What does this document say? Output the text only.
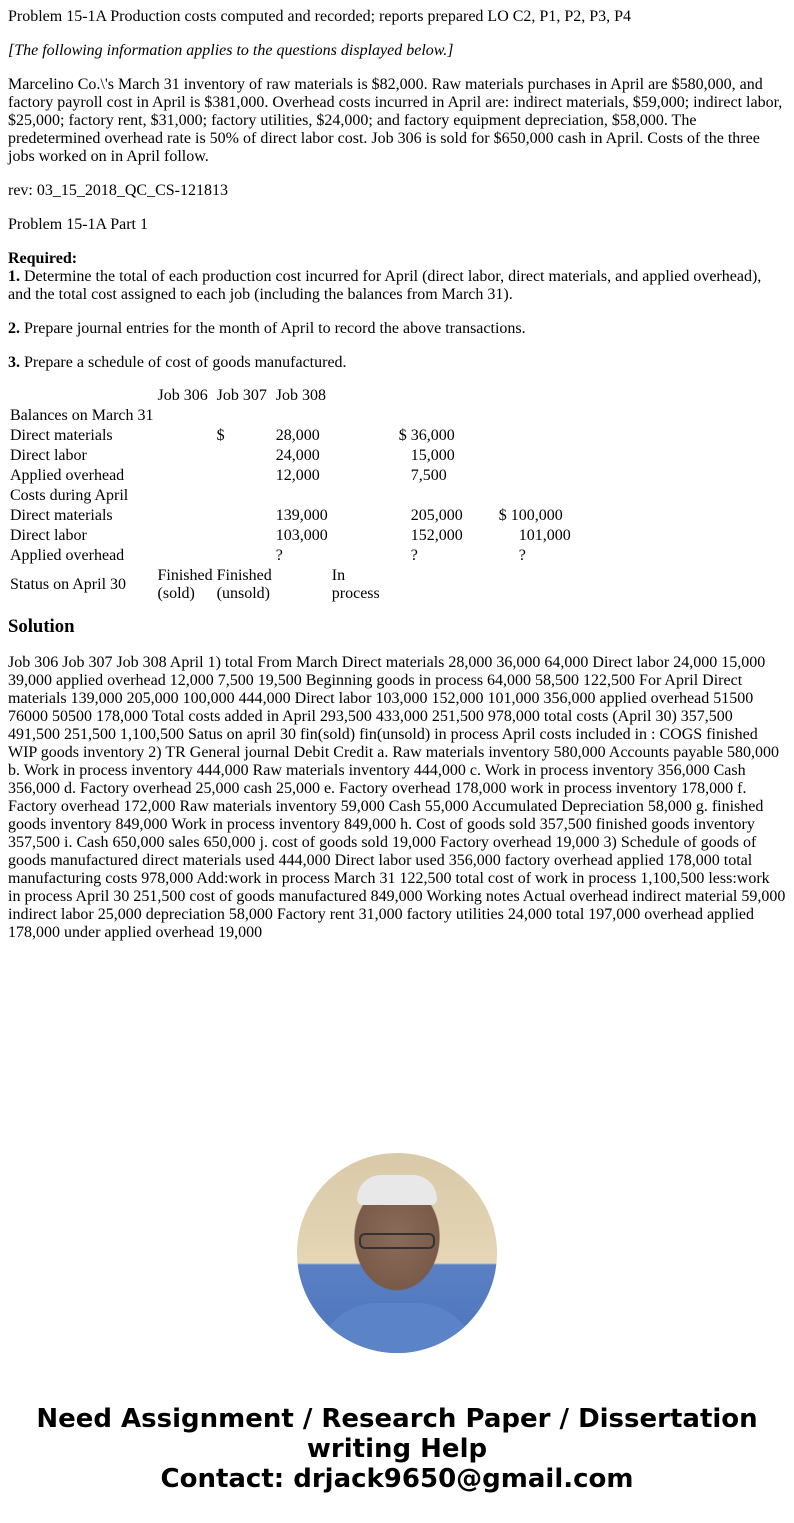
Problem 15-1A Production costs computed and recorded; reports prepared LO C2, P1, P2, P3, P4

[The following information applies to the questions displayed below.]

Marcelino Co.\'s March 31 inventory of raw materials is $82,000. Raw materials purchases in April are $580,000, and factory payroll cost in April is $381,000. Overhead costs incurred in April are: indirect materials, $59,000; indirect labor, $25,000; factory rent, $31,000; factory utilities, $24,000; and factory equipment depreciation, $58,000. The predetermined overhead rate is 50% of direct labor cost. Job 306 is sold for $650,000 cash in April. Costs of the three jobs worked on in April follow.

rev: 03_15_2018_QC_CS-121813

Problem 15-1A Part 1

Required:

1. Determine the total of each production cost incurred for April (direct labor, direct materials, and applied overhead), and the total cost assigned to each job (including the balances from March 31).

2. Prepare journal entries for the month of April to record the above transactions.

3. Prepare a schedule of cost of goods manufactured.

	Job 306	Job 307	Job 308			
Balances on March 31						
Direct materials		$	28,000		$ 36,000	
Direct labor			24,000		15,000	
Applied overhead			12,000		7,500	
Costs during April						
Direct materials			139,000		205,000	$ 100,000
Direct labor			103,000		152,000	101,000
Applied overhead			?		?	?
Status on April 30	Finished (sold)	Finished (unsold)		In process		
Solution

Job 306 Job 307 Job 308 April 1) total From March Direct materials 28,000 36,000 64,000 Direct labor 24,000 15,000 39,000 applied overhead 12,000 7,500 19,500 Beginning goods in process 64,000 58,500 122,500 For April Direct materials 139,000 205,000 100,000 444,000 Direct labor 103,000 152,000 101,000 356,000 applied overhead 51500 76000 50500 178,000 Total costs added in April 293,500 433,000 251,500 978,000 total costs (April 30) 357,500 491,500 251,500 1,100,500 Satus on april 30 fin(sold) fin(unsold) in process April costs included in : COGS finished WIP goods inventory 2) TR General journal Debit Credit a. Raw materials inventory 580,000 Accounts payable 580,000 b. Work in process inventory 444,000 Raw materials inventory 444,000 c. Work in process inventory 356,000 Cash 356,000 d. Factory overhead 25,000 cash 25,000 e. Factory overhead 178,000 work in process inventory 178,000 f. Factory overhead 172,000 Raw materials inventory 59,000 Cash 55,000 Accumulated Depreciation 58,000 g. finished goods inventory 849,000 Work in process inventory 849,000 h. Cost of goods sold 357,500 finished goods inventory 357,500 i. Cash 650,000 sales 650,000 j. cost of goods sold 19,000 Factory overhead 19,000 3) Schedule of goods of goods manufactured direct materials used 444,000 Direct labor used 356,000 factory overhead applied 178,000 total manufacturing costs 978,000 Add:work in process March 31 122,500 total cost of work in process 1,100,500 less:work in process April 30 251,500 cost of goods manufactured 849,000 Working notes Actual overhead indirect material 59,000 indirect labor 25,000 depreciation 58,000 Factory rent 31,000 factory utilities 24,000 total 197,000 overhead applied 178,000 under applied overhead 19,000

Need Assignment / Research Paper / Dissertation writing Help
Contact: drjack9650@gmail.com
